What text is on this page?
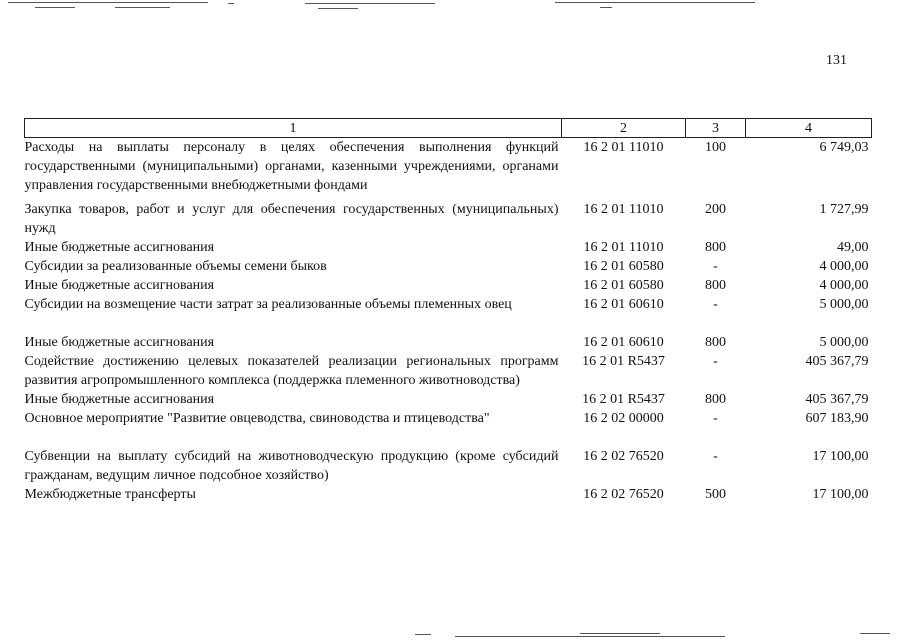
131
1	2	3	4
Расходы на выплаты персоналу в целях обеспечения выполнения функций государственными (муниципальными) органами, казенными учреждениями, органами управления государственными внебюджетными фондами	16 2 01 11010	100	6 749,03
Закупка товаров, работ и услуг для обеспечения государственных (муниципальных) нужд	16 2 01 11010	200	1 727,99
Иные бюджетные ассигнования	16 2 01 11010	800	49,00
Субсидии за реализованные объемы семени быков	16 2 01 60580	-	4 000,00
Иные бюджетные ассигнования	16 2 01 60580	800	4 000,00
Субсидии на возмещение части затрат за реализованные объемы племенных овец	16 2 01 60610	-	5 000,00
Иные бюджетные ассигнования	16 2 01 60610	800	5 000,00
Содействие достижению целевых показателей реализации региональных программ развития агропромышленного комплекса (поддержка племенного животноводства)	16 2 01 R5437	-	405 367,79
Иные бюджетные ассигнования	16 2 01 R5437	800	405 367,79
Основное мероприятие "Развитие овцеводства, свиноводства и птицеводства"	16 2 02 00000	-	607 183,90
Субвенции на выплату субсидий на животноводческую продукцию (кроме субсидий гражданам, ведущим личное подсобное хозяйство)	16 2 02 76520	-	17 100,00
Межбюджетные трансферты	16 2 02 76520	500	17 100,00
